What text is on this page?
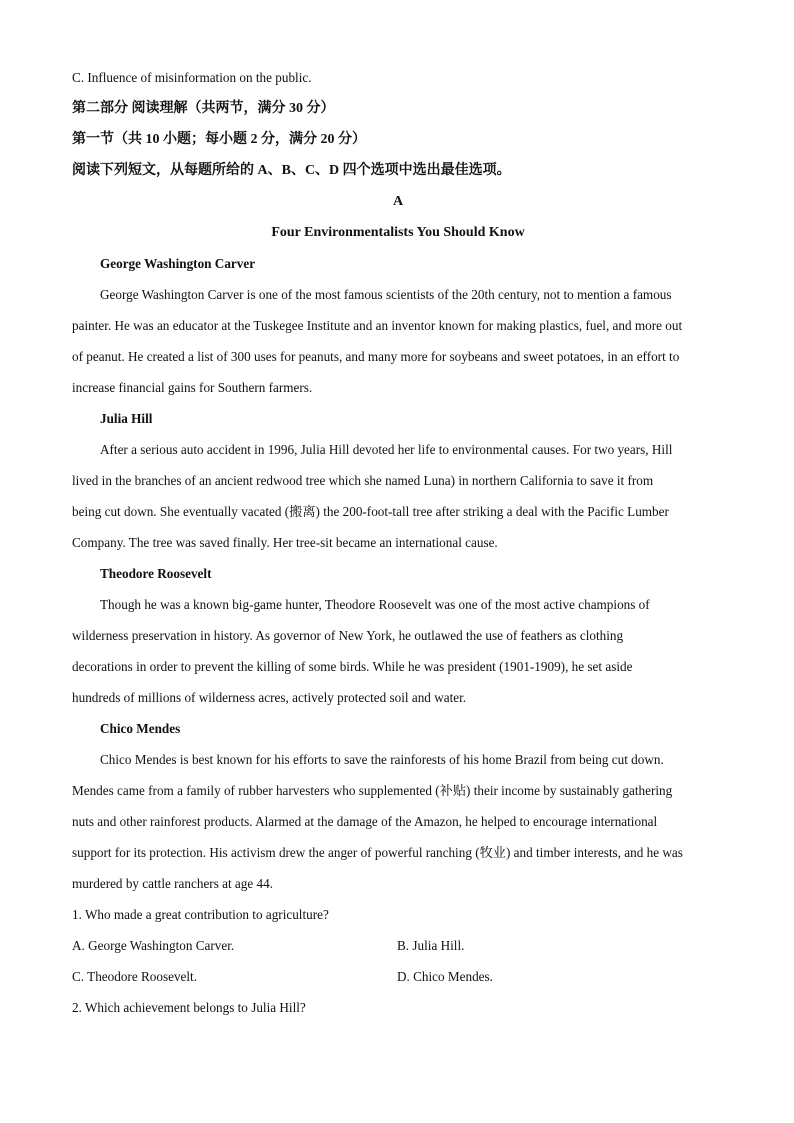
C. Influence of misinformation on the public.
第二部分 阅读理解（共两节，满分 30 分）
第一节（共 10 小题；每小题 2 分，满分 20 分）
阅读下列短文，从每题所给的 A、B、C、D 四个选项中选出最佳选项。
A
Four Environmentalists You Should Know
George Washington Carver
George Washington Carver is one of the most famous scientists of the 20th century, not to mention a famous
painter. He was an educator at the Tuskegee Institute and an inventor known for making plastics, fuel, and more out
of peanut. He created a list of 300 uses for peanuts, and many more for soybeans and sweet potatoes, in an effort to
increase financial gains for Southern farmers.
Julia Hill
After a serious auto accident in 1996, Julia Hill devoted her life to environmental causes. For two years, Hill
lived in the branches of an ancient redwood tree which she named Luna) in northern California to save it from
being cut down. She eventually vacated (搬离) the 200-foot-tall tree after striking a deal with the Pacific Lumber
Company. The tree was saved finally. Her tree-sit became an international cause.
Theodore Roosevelt
Though he was a known big-game hunter, Theodore Roosevelt was one of the most active champions of
wilderness preservation in history. As governor of New York, he outlawed the use of feathers as clothing
decorations in order to prevent the killing of some birds. While he was president (1901-1909), he set aside
hundreds of millions of wilderness acres, actively protected soil and water.
Chico Mendes
Chico Mendes is best known for his efforts to save the rainforests of his home Brazil from being cut down.
Mendes came from a family of rubber harvesters who supplemented (补贴) their income by sustainably gathering
nuts and other rainforest products. Alarmed at the damage of the Amazon, he helped to encourage international
support for its protection. His activism drew the anger of powerful ranching (牧业) and timber interests, and he was
murdered by cattle ranchers at age 44.
1. Who made a great contribution to agriculture?
A. George Washington Carver.	B. Julia Hill.
C. Theodore Roosevelt.	D. Chico Mendes.
2. Which achievement belongs to Julia Hill?
